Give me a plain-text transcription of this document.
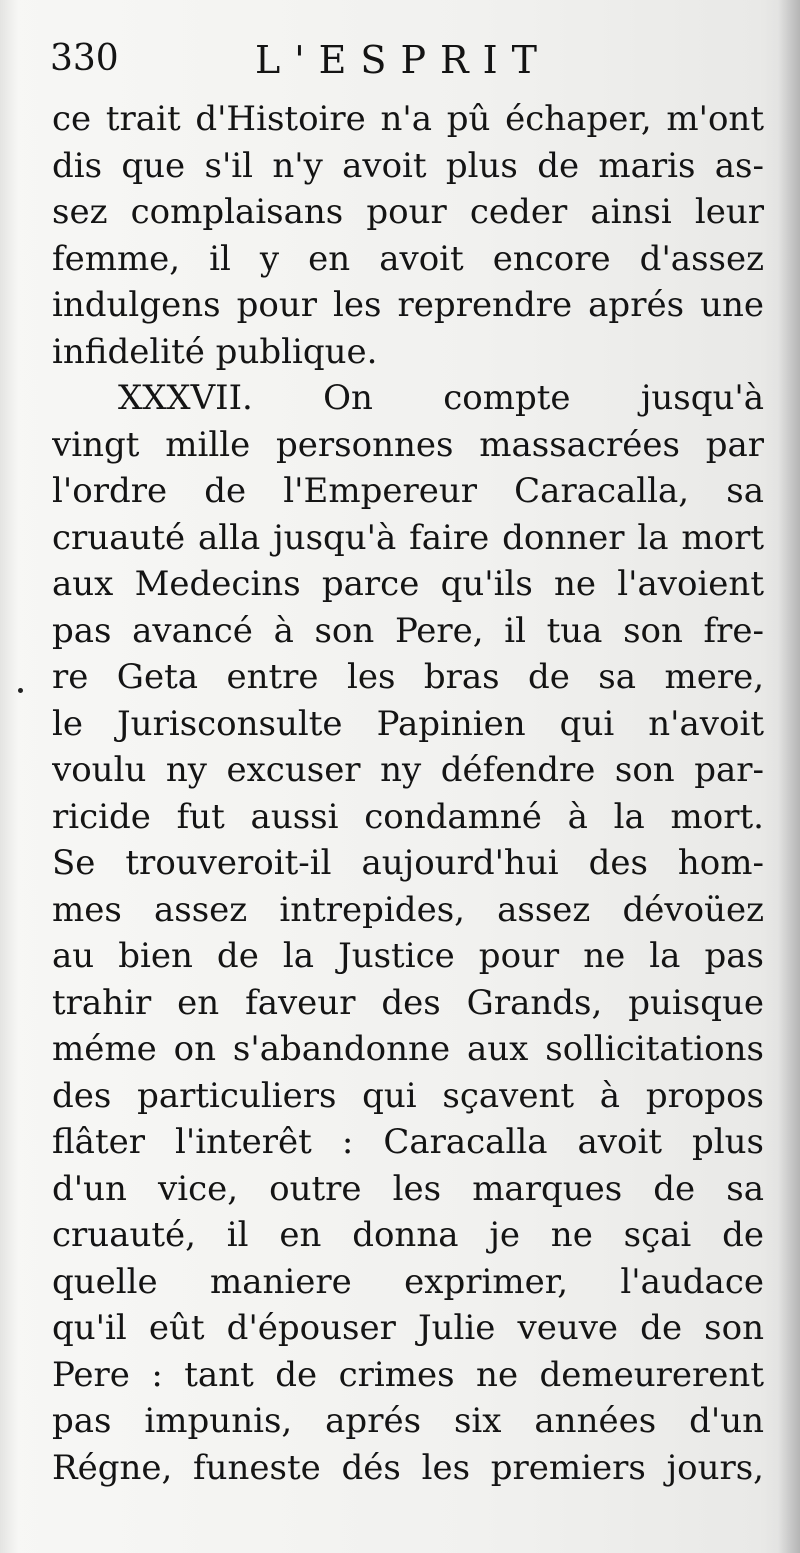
330	L'ESPRIT
ce trait d'Histoire n'a pû échaper, m'ont
dis que s'il n'y avoit plus de maris as-
sez complaisans pour ceder ainsi leur
femme, il y en avoit encore d'assez
indulgens pour les reprendre aprés une
infidelité publique.
XXXVII. On compte jusqu'à
vingt mille personnes massacrées par
l'ordre de l'Empereur Caracalla, sa
cruauté alla jusqu'à faire donner la mort
aux Medecins parce qu'ils ne l'avoient
pas avancé à son Pere, il tua son fre-
re Geta entre les bras de sa mere,
le Jurisconsulte Papinien qui n'avoit
voulu ny excuser ny défendre son par-
ricide fut aussi condamné à la mort.
Se trouveroit-il aujourd'hui des hom-
mes assez intrepides, assez dévoüez
au bien de la Justice pour ne la pas
trahir en faveur des Grands, puisque
méme on s'abandonne aux sollicitations
des particuliers qui sçavent à propos
flâter l'interêt : Caracalla avoit plus
d'un vice, outre les marques de sa
cruauté, il en donna je ne sçai de
quelle maniere exprimer, l'audace
qu'il eût d'épouser Julie veuve de son
Pere : tant de crimes ne demeurerent
pas impunis, aprés six années d'un
Régne, funeste dés les premiers jours,
